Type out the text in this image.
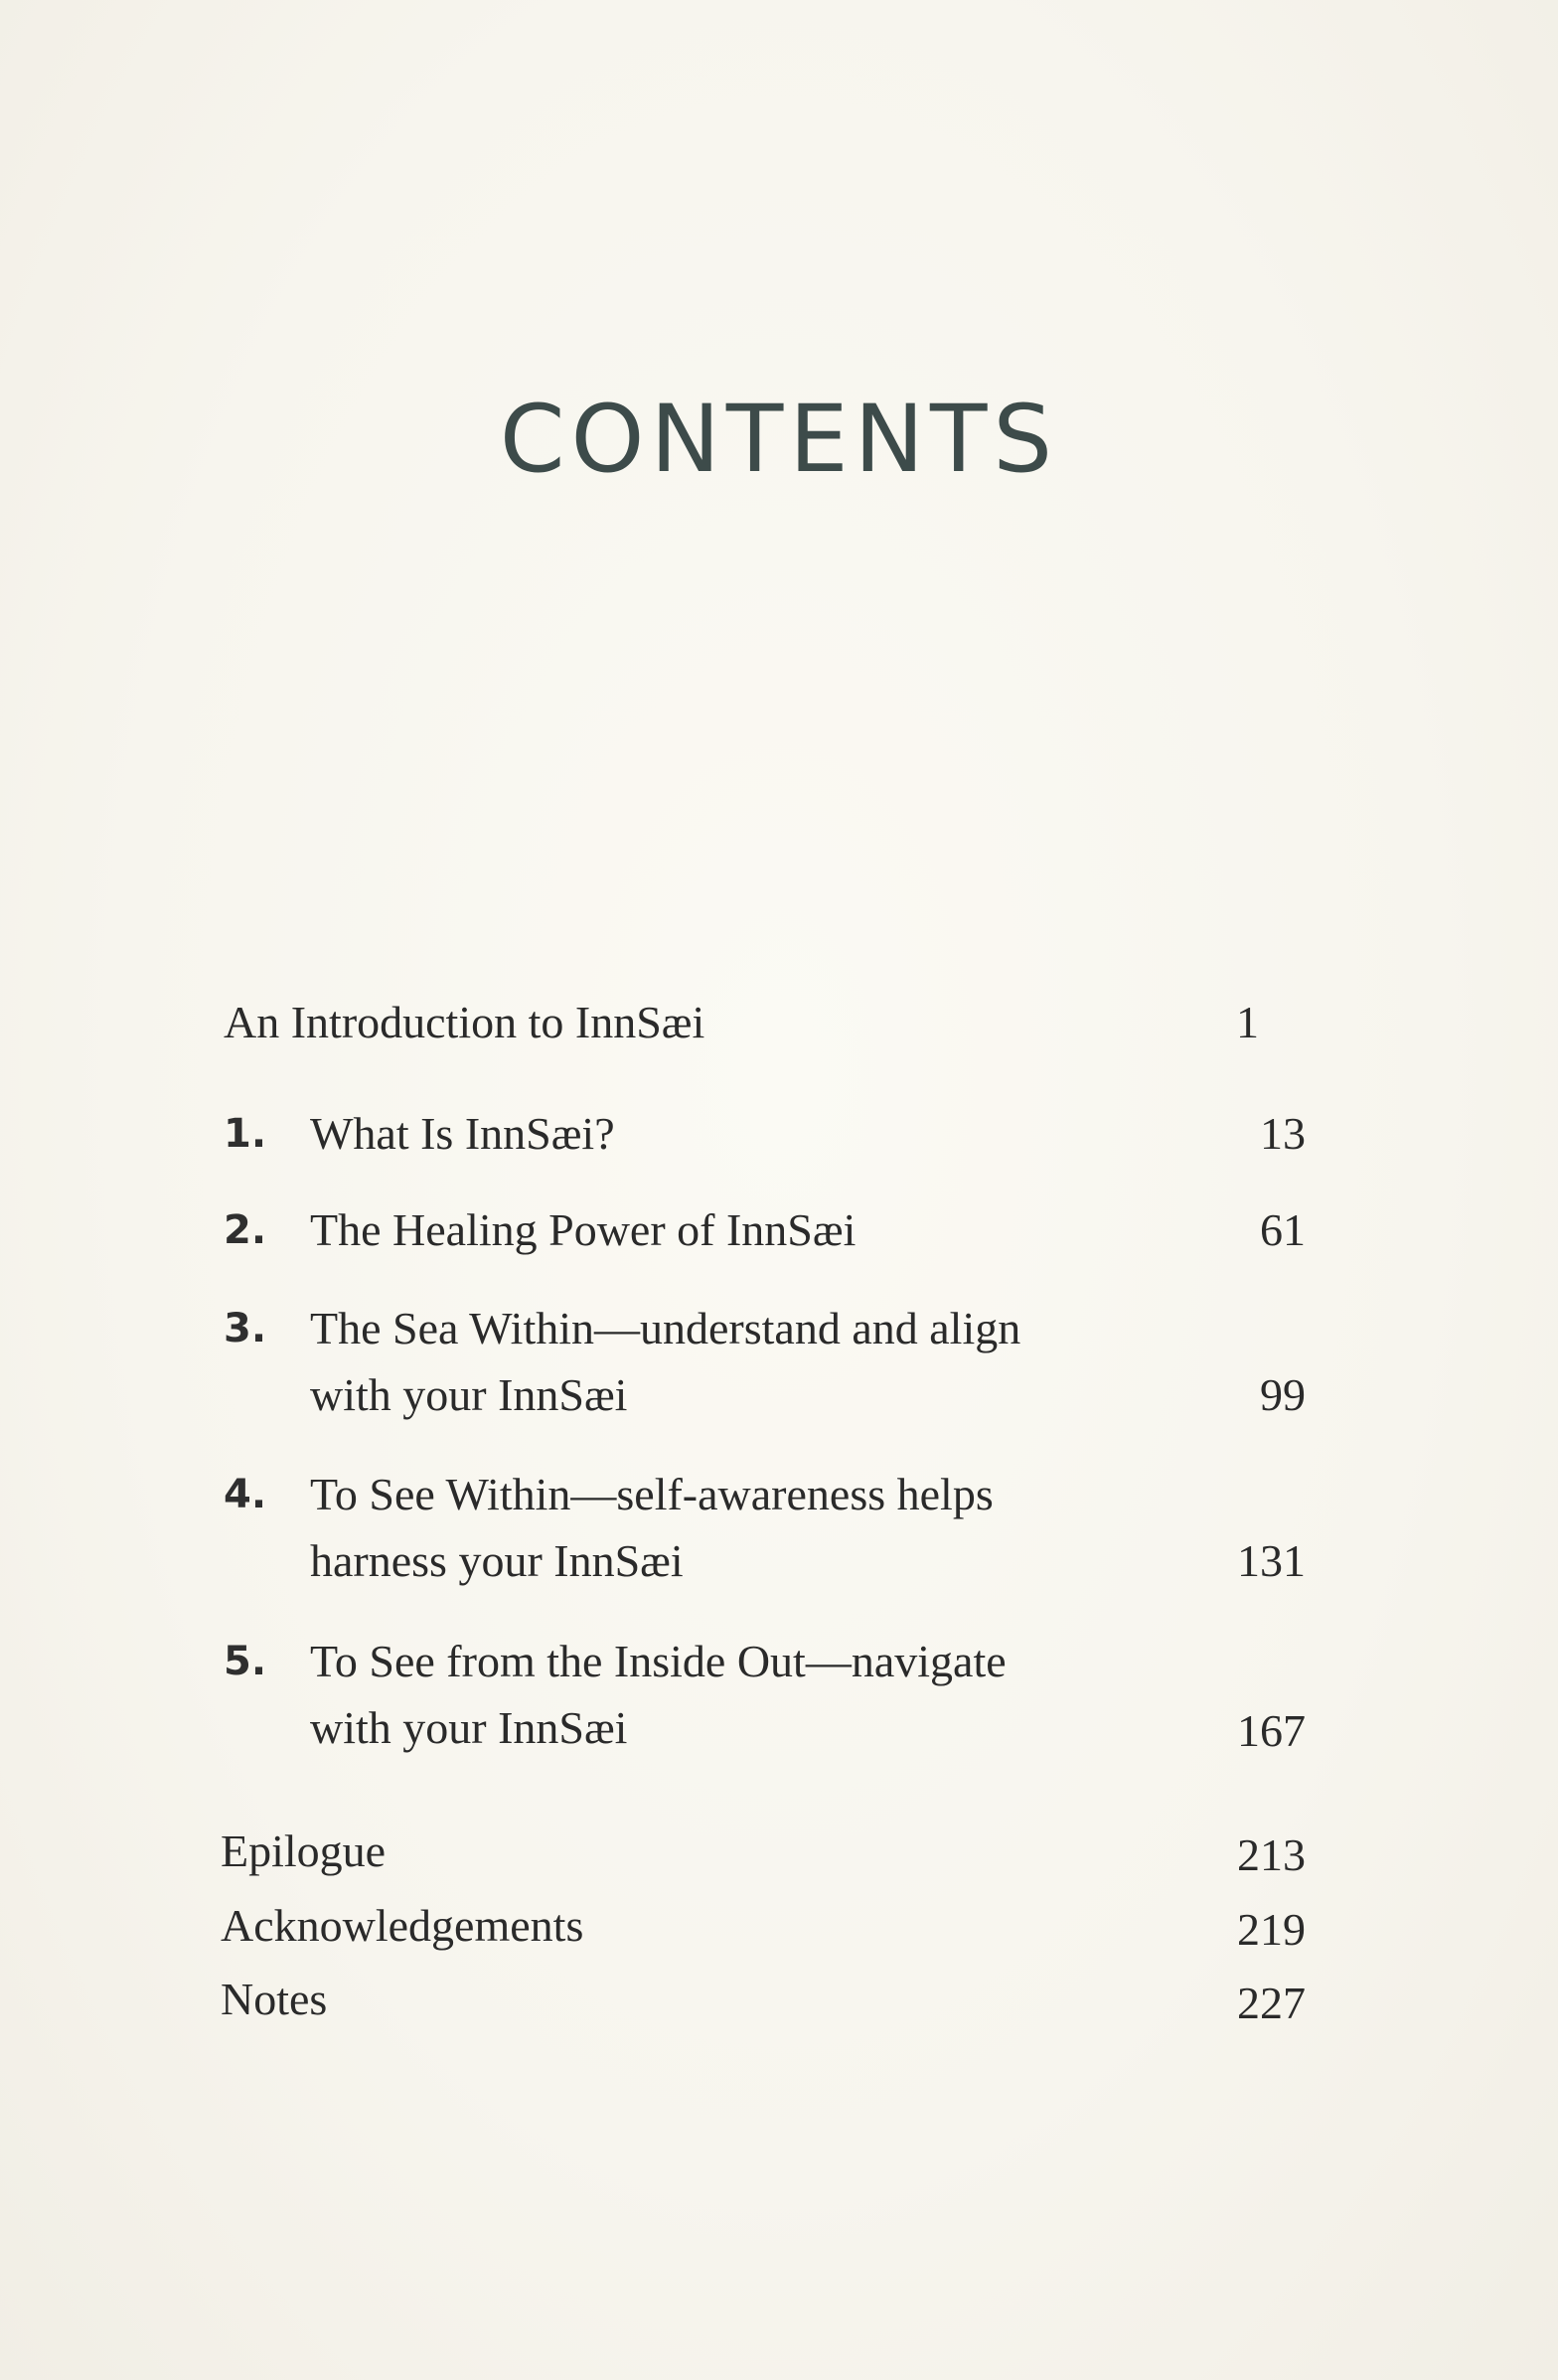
CONTENTS
An Introduction to InnSæi	1
1. What Is InnSæi?	13
2. The Healing Power of InnSæi	61
3. The Sea Within—understand and align
with your InnSæi	99
4. To See Within—self-awareness helps
harness your InnSæi	131
5. To See from the Inside Out—navigate
with your InnSæi	167
Epilogue	213
Acknowledgements	219
Notes	227
